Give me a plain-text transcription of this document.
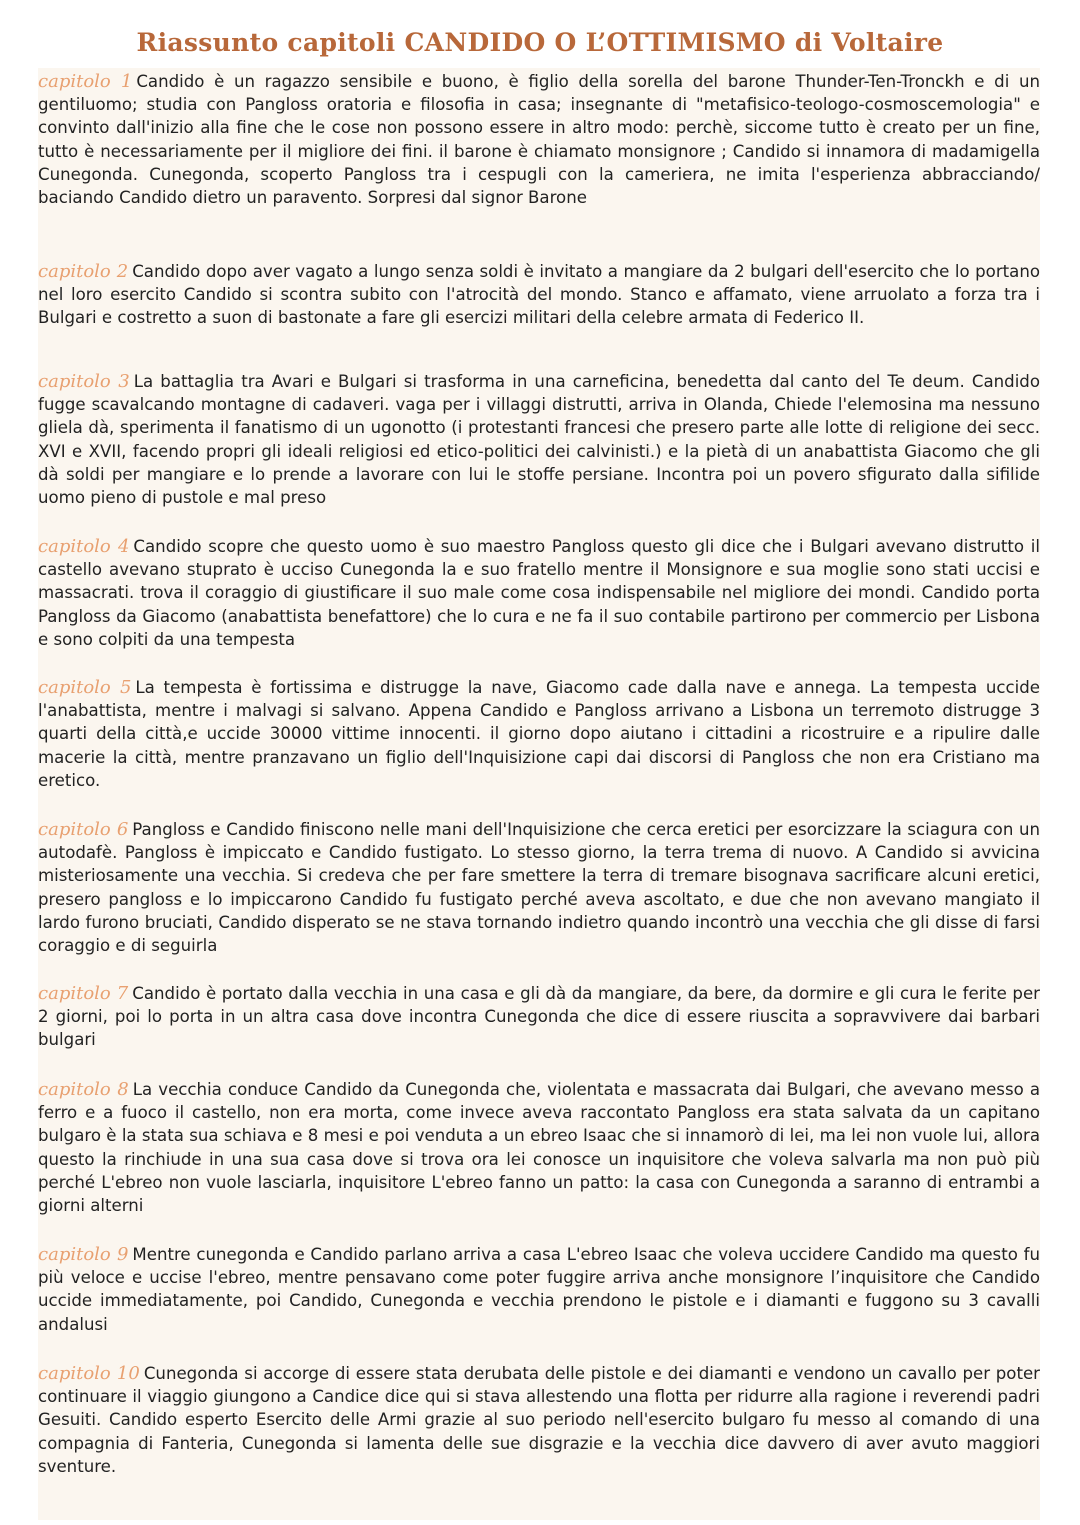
Riassunto capitoli CANDIDO O L’OTTIMISMO di Voltaire

capitolo 1 Candido è un ragazzo sensibile e buono, è figlio della sorella del barone Thunder-Ten-Tronckh e di un gentiluomo; studia con Pangloss oratoria e filosofia in casa; insegnante di "metafisico-teologo-cosmoscemologia" e convinto dall'inizio alla fine che le cose non possono essere in altro modo: perchè, siccome tutto è creato per un fine, tutto è necessariamente per il migliore dei fini. il barone è chiamato monsignore ; Candido si innamora di madamigella Cunegonda. Cunegonda, scoperto Pangloss tra i cespugli con la cameriera, ne imita l'esperienza abbracciando/ baciando Candido dietro un paravento. Sorpresi dal signor Barone

capitolo 2 Candido dopo aver vagato a lungo senza soldi è invitato a mangiare da 2 bulgari dell'esercito che lo portano nel loro esercito Candido si scontra subito con l'atrocità del mondo. Stanco e affamato, viene arruolato a forza tra i Bulgari e costretto a suon di bastonate a fare gli esercizi militari della celebre armata di Federico II.

capitolo 3 La battaglia tra Avari e Bulgari si trasforma in una carneficina, benedetta dal canto del Te deum. Candido fugge scavalcando montagne di cadaveri. vaga per i villaggi distrutti, arriva in Olanda, Chiede l'elemosina ma nessuno gliela dà, sperimenta il fanatismo di un ugonotto (i protestanti francesi che presero parte alle lotte di religione dei secc. XVI e XVII, facendo propri gli ideali religiosi ed etico-politici dei calvinisti.) e la pietà di un anabattista Giacomo che gli dà soldi per mangiare e lo prende a lavorare con lui le stoffe persiane. Incontra poi un povero sfigurato dalla sifilide uomo pieno di pustole e mal preso

capitolo 4 Candido scopre che questo uomo è suo maestro Pangloss questo gli dice che i Bulgari avevano distrutto il castello avevano stuprato è ucciso Cunegonda la e suo fratello mentre il Monsignore e sua moglie sono stati uccisi e massacrati. trova il coraggio di giustificare il suo male come cosa indispensabile nel migliore dei mondi. Candido porta Pangloss da Giacomo (anabattista benefattore) che lo cura e ne fa il suo contabile partirono per commercio per Lisbona e sono colpiti da una tempesta

capitolo 5 La tempesta è fortissima e distrugge la nave, Giacomo cade dalla nave e annega. La tempesta uccide l'anabattista, mentre i malvagi si salvano. Appena Candido e Pangloss arrivano a Lisbona un terremoto distrugge 3 quarti della città,e uccide 30000 vittime innocenti. il giorno dopo aiutano i cittadini a ricostruire e a ripulire dalle macerie la città, mentre pranzavano un figlio dell'Inquisizione capi dai discorsi di Pangloss che non era Cristiano ma eretico.

capitolo 6 Pangloss e Candido finiscono nelle mani dell'Inquisizione che cerca eretici per esorcizzare la sciagura con un autodafè. Pangloss è impiccato e Candido fustigato. Lo stesso giorno, la terra trema di nuovo. A Candido si avvicina misteriosamente una vecchia. Si credeva che per fare smettere la terra di tremare bisognava sacrificare alcuni eretici, presero pangloss e lo impiccarono Candido fu fustigato perché aveva ascoltato, e due che non avevano mangiato il lardo furono bruciati, Candido disperato se ne stava tornando indietro quando incontrò una vecchia che gli disse di farsi coraggio e di seguirla

capitolo 7 Candido è portato dalla vecchia in una casa e gli dà da mangiare, da bere, da dormire e gli cura le ferite per 2 giorni, poi lo porta in un altra casa dove incontra Cunegonda che dice di essere riuscita a sopravvivere dai barbari bulgari

capitolo 8 La vecchia conduce Candido da Cunegonda che, violentata e massacrata dai Bulgari, che avevano messo a ferro e a fuoco il castello, non era morta, come invece aveva raccontato Pangloss era stata salvata da un capitano bulgaro è la stata sua schiava e 8 mesi e poi venduta a un ebreo Isaac che si innamorò di lei, ma lei non vuole lui, allora questo la rinchiude in una sua casa dove si trova ora lei conosce un inquisitore che voleva salvarla ma non può più perché L'ebreo non vuole lasciarla, inquisitore L'ebreo fanno un patto: la casa con Cunegonda a saranno di entrambi a giorni alterni

capitolo 9 Mentre cunegonda e Candido parlano arriva a casa L'ebreo Isaac che voleva uccidere Candido ma questo fu più veloce e uccise l'ebreo, mentre pensavano come poter fuggire arriva anche monsignore l’inquisitore che Candido uccide immediatamente, poi Candido, Cunegonda e vecchia prendono le pistole e i diamanti e fuggono su 3 cavalli andalusi

capitolo 10 Cunegonda si accorge di essere stata derubata delle pistole e dei diamanti e vendono un cavallo per poter continuare il viaggio giungono a Candice dice qui si stava allestendo una flotta per ridurre alla ragione i reverendi padri Gesuiti. Candido esperto Esercito delle Armi grazie al suo periodo nell'esercito bulgaro fu messo al comando di una compagnia di Fanteria, Cunegonda si lamenta delle sue disgrazie e la vecchia dice davvero di aver avuto maggiori sventure.
